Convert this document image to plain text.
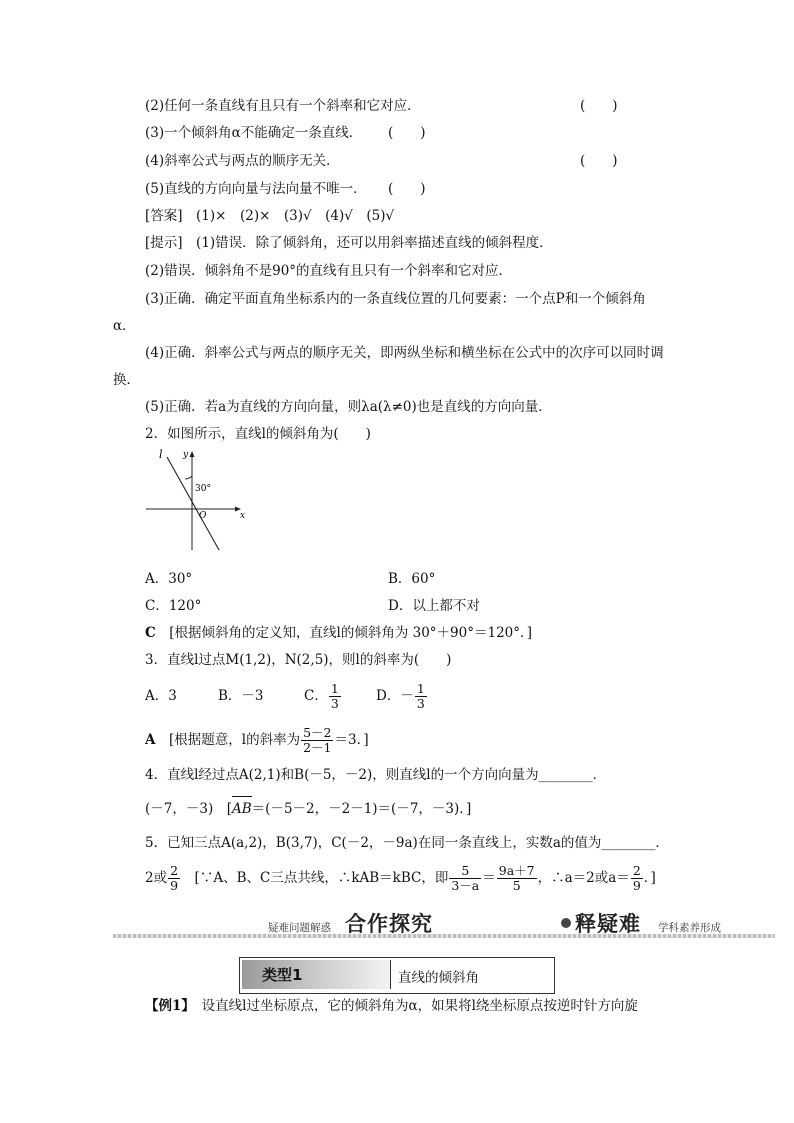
(2)任何一条直线有且只有一个斜率和它对应．	(　　)
(3)一个倾斜角α不能确定一条直线． (　　)
(4)斜率公式与两点的顺序无关．	(　　)
(5)直线的方向向量与法向量不唯一． (　　)
[答案]　(1)×　(2)×　(3)√　(4)√　(5)√
[提示]　 (1)错误．除了倾斜角，还可以用斜率描述直线的倾斜程度．
(2)错误．倾斜角不是90°的直线有且只有一个斜率和它对应．
(3)正确．确定平面直角坐标系内的一条直线位置的几何要素：一个点P和一个倾斜角
α．
(4)正确．斜率公式与两点的顺序无关，即两纵坐标和横坐标在公式中的次序可以同时调
换．
(5)正确．若a为直线的方向向量，则λa(λ≠0)也是直线的方向向量．
2．如图所示，直线l的倾斜角为(　　)
l y
x
30°
O
A．30°	B．60°
C．120°	D．以上都不对
C　 [根据倾斜角的定义知，直线l的倾斜角为 30°＋90°＝120°．]
3．直线l过点M(1,2)，N(2,5)，则l的斜率为(　　)
A．3	B．－3	C． $\frac{1}{3}$	D．－ $\frac{1}{3}$
A　 [根据题意，l的斜率为 $\frac{5-2}{2-1} =3$．]
4．直线l经过点A(2,1)和B(－5，－2)，则直线l的一个方向向量为________．
(－7，－3)　[
AB＝(－5－2，－2－1)＝(－7，－3)．]
5．已知三点A(a,2)，B(3,7)，C(－2，－9a)在同一条直线上，实数a的值为________．
2或 $\frac{2}{9}$
　 [∵A、B、C三点共线，∴kAB＝kBC，即 $\frac{5}{3-a} = \frac{9a+7}{5}$ ，∴a＝2或$a= \frac{2}{9}$ ．]
疑难问题解惑 合作探究	释疑难 学科素养形成
类型1	直线的倾斜角
【例1】　 设直线l过坐标原点，它的倾斜角为α，如果将l绕坐标原点按逆时针方向旋
